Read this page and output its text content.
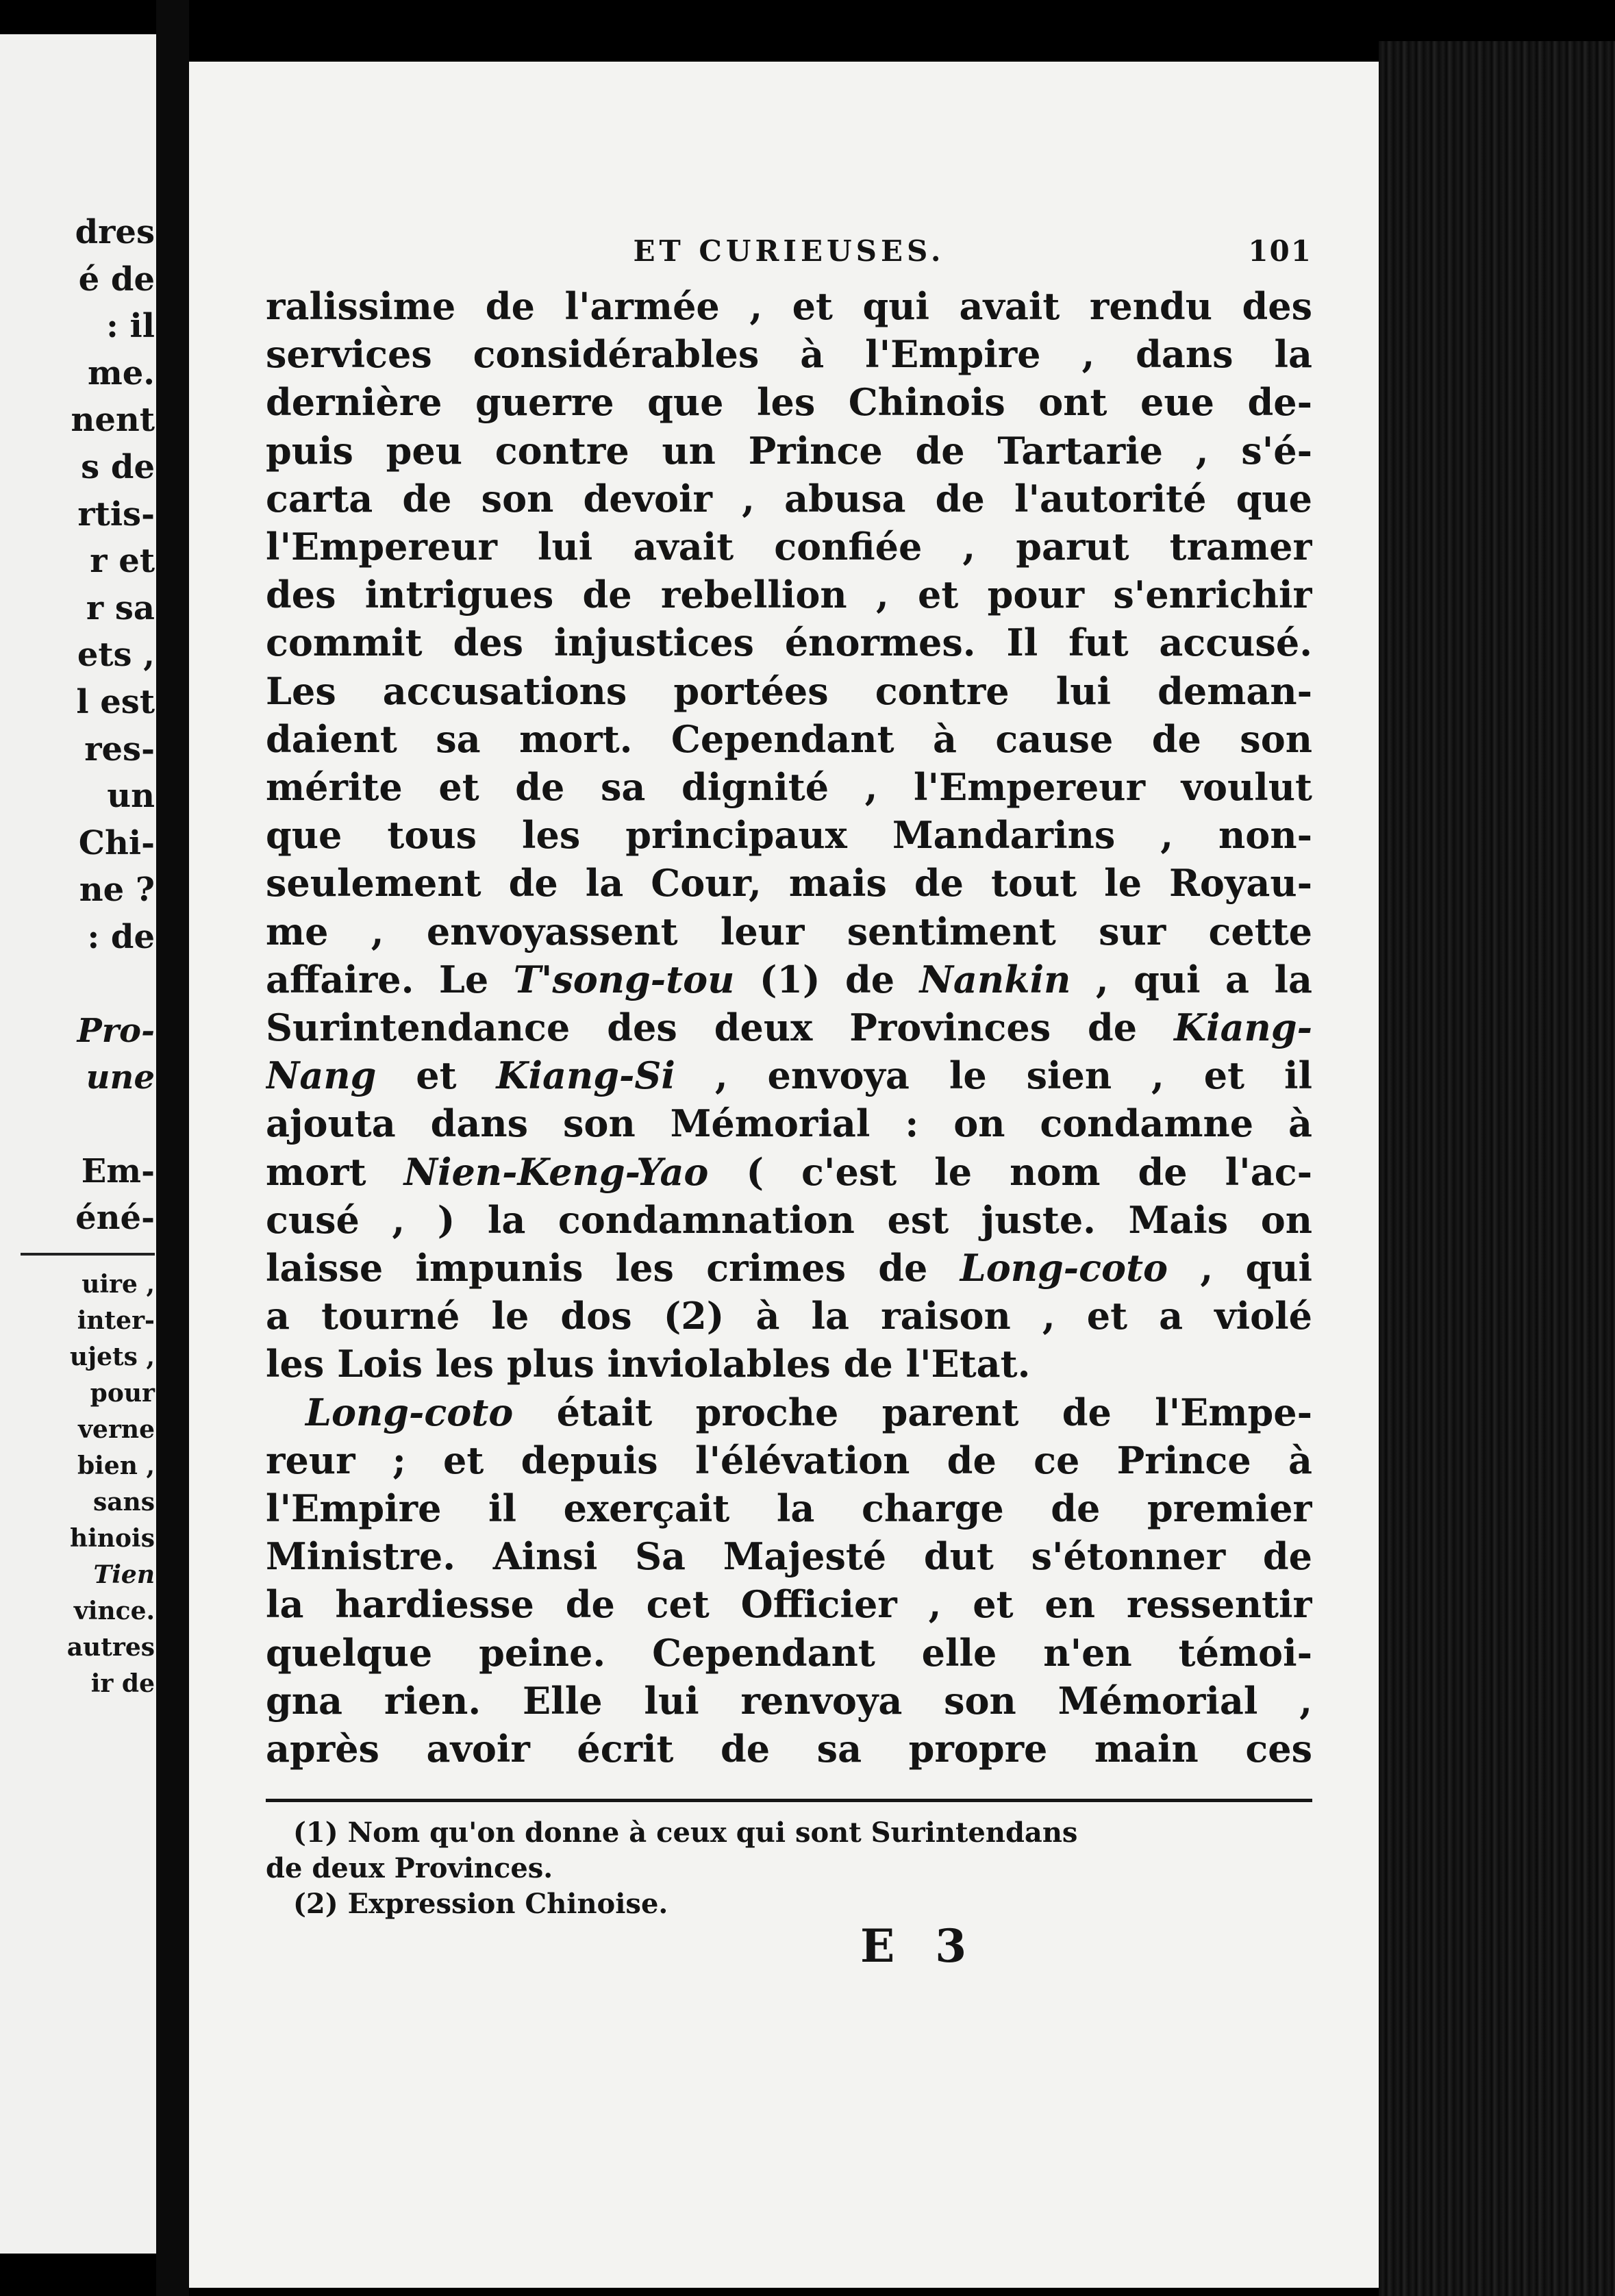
dres
é de
: il
me.
nent
s de
rtis-
r et
r sa
ets ,
l est
res-
un
Chi-
ne ?
: de
Pro-
une
Em-
éné-
uire ,
inter-
ujets ,
pour
verne
bien ,
sans
hinois
Tien
vince.
autres
ir de
ET CURIEUSES.	101
ralissime de l'armée , et qui avait rendu des
services considérables à l'Empire , dans la
dernière guerre que les Chinois ont eue de-
puis peu contre un Prince de Tartarie , s'é-
carta de son devoir , abusa de l'autorité que
l'Empereur lui avait confiée , parut tramer
des intrigues de rebellion , et pour s'enrichir
commit des injustices énormes. Il fut accusé.
Les accusations portées contre lui deman-
daient sa mort. Cependant à cause de son
mérite et de sa dignité , l'Empereur voulut
que tous les principaux Mandarins , non-
seulement de la Cour, mais de tout le Royau-
me , envoyassent leur sentiment sur cette
affaire. Le T'song-tou (1) de Nankin , qui a la
Surintendance des deux Provinces de Kiang-
Nang et Kiang-Si , envoya le sien , et il
ajouta dans son Mémorial : on condamne à
mort Nien-Keng-Yao ( c'est le nom de l'ac-
cusé , ) la condamnation est juste. Mais on
laisse impunis les crimes de Long-coto , qui
a tourné le dos (2) à la raison , et a violé
les Lois les plus inviolables de l'Etat.
Long-coto était proche parent de l'Empe-
reur ; et depuis l'élévation de ce Prince à
l'Empire il exerçait la charge de premier
Ministre. Ainsi Sa Majesté dut s'étonner de
la hardiesse de cet Officier , et en ressentir
quelque peine. Cependant elle n'en témoi-
gna rien. Elle lui renvoya son Mémorial ,
après avoir écrit de sa propre main ces
(1) Nom qu'on donne à ceux qui sont Surintendans
de deux Provinces.
(2) Expression Chinoise.
E 3
